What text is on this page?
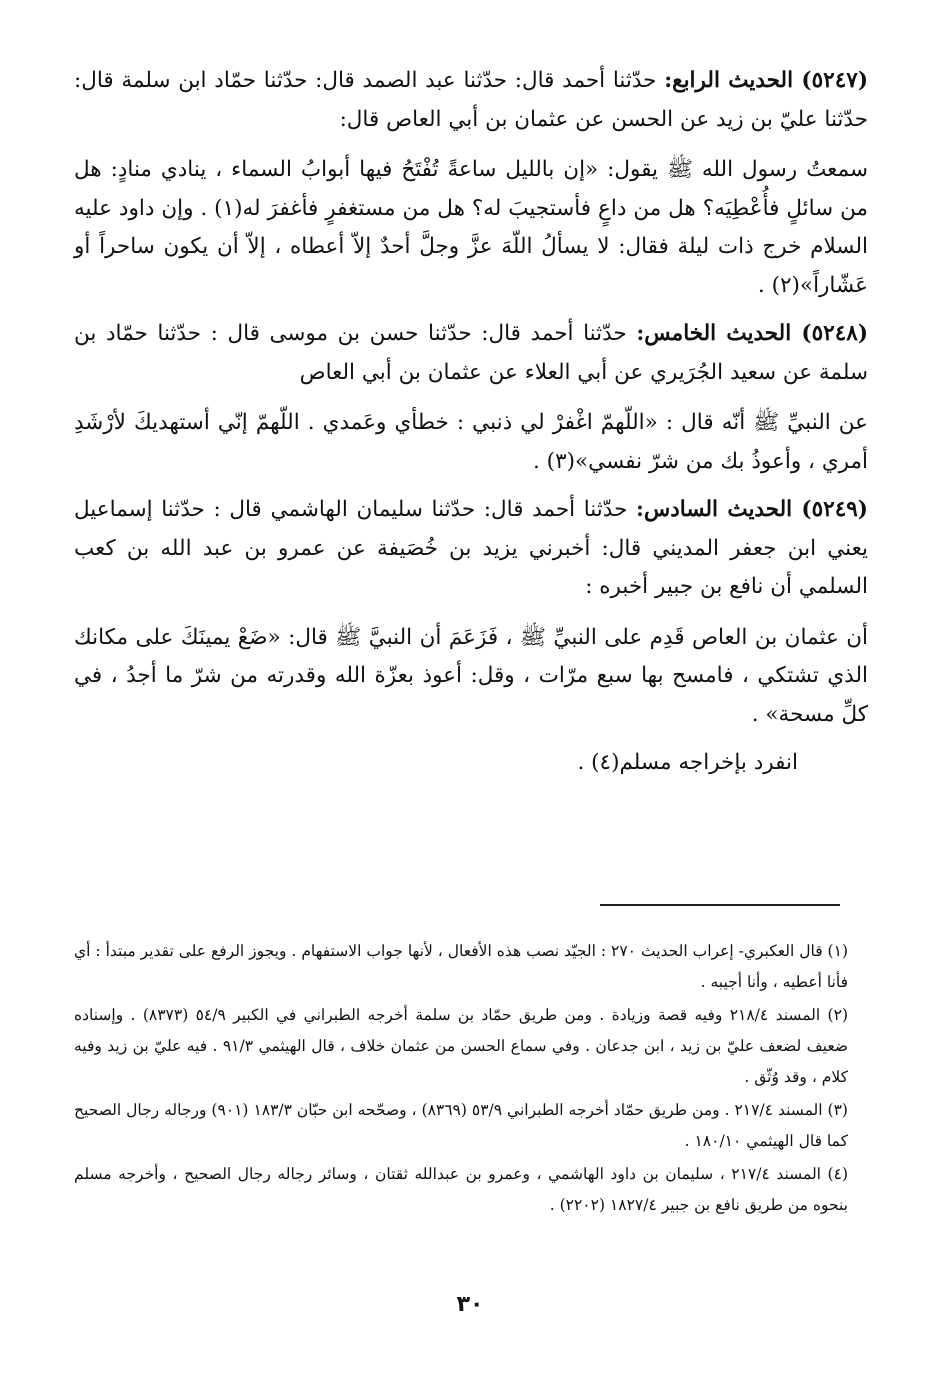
(٥٢٤٧) الحديث الرابع: حدّثنا أحمد قال: حدّثنا عبد الصمد قال: حدّثنا حمّاد ابن سلمة قال: حدّثنا عليّ بن زيد عن الحسن عن عثمان بن أبي العاص قال:

سمعتُ رسول الله ﷺ يقول: «إن بالليل ساعةً تُفْتَحُ فيها أبوابُ السماء ، ينادي منادٍ: هل من سائلٍ فأُعْطِيَه؟ هل من داعٍ فأستجيبَ له؟ هل من مستغفرٍ فأغفرَ له(١) . وإن داود عليه السلام خرج ذات ليلة فقال: لا يسألُ اللّهَ عزَّ وجلَّ أحدٌ إلاّ أعطاه ، إلاّ أن يكون ساحراً أو عَشّاراً»(٢) .

(٥٢٤٨) الحديث الخامس: حدّثنا أحمد قال: حدّثنا حسن بن موسى قال : حدّثنا حمّاد بن سلمة عن سعيد الجُرَيري عن أبي العلاء عن عثمان بن أبي العاص

عن النبيِّ ﷺ أنّه قال : «اللّهمّ اغْفرْ لي ذنبي : خطأي وعَمدي . اللّهمّ إنّي أستهديكَ لأرْشَدِ أمري ، وأعوذُ بك من شرّ نفسي»(٣) .

(٥٢٤٩) الحديث السادس: حدّثنا أحمد قال: حدّثنا سليمان الهاشمي قال : حدّثنا إسماعيل يعني ابن جعفر المديني قال: أخبرني يزيد بن خُصَيفة عن عمرو بن عبد الله بن كعب السلمي أن نافع بن جبير أخبره :

أن عثمان بن العاص قَدِم على النبيِّ ﷺ ، فَزَعَمَ أن النبيَّ ﷺ قال: «ضَعْ يمينَكَ على مكانك الذي تشتكي ، فامسح بها سبع مرّات ، وقل: أعوذ بعزّة الله وقدرته من شرّ ما أجدُ ، في كلِّ مسحة» .

انفرد بإخراجه مسلم(٤) .

(١) قال العكبري- إعراب الحديث ٢٧٠ : الجيّد نصب هذه الأفعال ، لأنها جواب الاستفهام . ويجوز الرفع على تقدير مبتدأ : أي فأنا أعطيه ، وأنا أجيبه .

(٢) المسند ٢١٨/٤ وفيه قصة وزيادة . ومن طريق حمّاد بن سلمة أخرجه الطبراني في الكبير ٥٤/٩ (٨٣٧٣) . وإسناده ضعيف لضعف عليّ بن زيد ، ابن جدعان . وفي سماع الحسن من عثمان خلاف ، قال الهيثمي ٩١/٣ . فيه عليّ بن زيد وفيه كلام ، وقد وُثّق .

(٣) المسند ٢١٧/٤ . ومن طريق حمّاد أخرجه الطبراني ٥٣/٩ (٨٣٦٩) ، وصحّحه ابن حبّان ١٨٣/٣ (٩٠١) ورجاله رجال الصحيح كما قال الهيثمي ١٨٠/١٠ .

(٤) المسند ٢١٧/٤ ، سليمان بن داود الهاشمي ، وعمرو بن عبدالله ثقتان ، وسائر رجاله رجال الصحيح ، وأخرجه مسلم بنحوه من طريق نافع بن جبير ١٨٢٧/٤ (٢٢٠٢) .

٣٠
